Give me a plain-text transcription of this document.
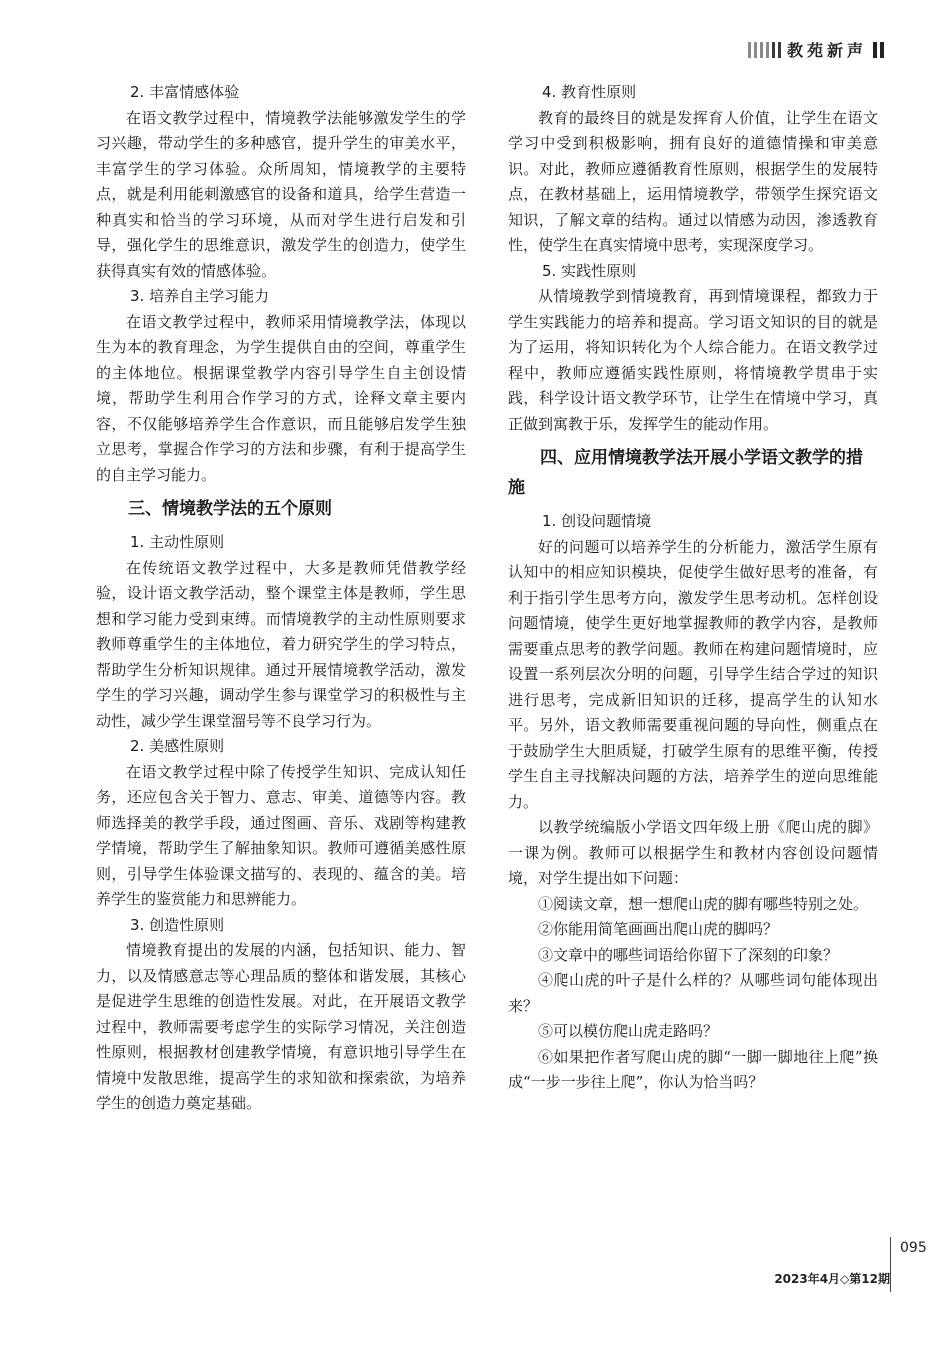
教苑新声
2. 丰富情感体验

在语文教学过程中，情境教学法能够激发学生的学习兴趣，带动学生的多种感官，提升学生的审美水平，丰富学生的学习体验。众所周知，情境教学的主要特点，就是利用能刺激感官的设备和道具，给学生营造一种真实和恰当的学习环境，从而对学生进行启发和引导，强化学生的思维意识，激发学生的创造力，使学生获得真实有效的情感体验。

3. 培养自主学习能力

在语文教学过程中，教师采用情境教学法，体现以生为本的教育理念，为学生提供自由的空间，尊重学生的主体地位。根据课堂教学内容引导学生自主创设情境，帮助学生利用合作学习的方式，诠释文章主要内容，不仅能够培养学生合作意识，而且能够启发学生独立思考，掌握合作学习的方法和步骤，有利于提高学生的自主学习能力。

三、情境教学法的五个原则
1. 主动性原则

在传统语文教学过程中，大多是教师凭借教学经验，设计语文教学活动，整个课堂主体是教师，学生思想和学习能力受到束缚。而情境教学的主动性原则要求教师尊重学生的主体地位，着力研究学生的学习特点，帮助学生分析知识规律。通过开展情境教学活动，激发学生的学习兴趣，调动学生参与课堂学习的积极性与主动性，减少学生课堂溜号等不良学习行为。

2. 美感性原则

在语文教学过程中除了传授学生知识、完成认知任务，还应包含关于智力、意志、审美、道德等内容。教师选择美的教学手段，通过图画、音乐、戏剧等构建教学情境，帮助学生了解抽象知识。教师可遵循美感性原则，引导学生体验课文描写的、表现的、蕴含的美。培养学生的鉴赏能力和思辨能力。

3. 创造性原则

情境教育提出的发展的内涵，包括知识、能力、智力，以及情感意志等心理品质的整体和谐发展，其核心是促进学生思维的创造性发展。对此，在开展语文教学过程中，教师需要考虑学生的实际学习情况，关注创造性原则，根据教材创建教学情境，有意识地引导学生在情境中发散思维，提高学生的求知欲和探索欲，为培养学生的创造力奠定基础。

4. 教育性原则

教育的最终目的就是发挥育人价值，让学生在语文学习中受到积极影响，拥有良好的道德情操和审美意识。对此，教师应遵循教育性原则，根据学生的发展特点，在教材基础上，运用情境教学，带领学生探究语文知识，了解文章的结构。通过以情感为动因，渗透教育性，使学生在真实情境中思考，实现深度学习。

5. 实践性原则

从情境教学到情境教育，再到情境课程，都致力于学生实践能力的培养和提高。学习语文知识的目的就是为了运用，将知识转化为个人综合能力。在语文教学过程中，教师应遵循实践性原则，将情境教学贯串于实践，科学设计语文教学环节，让学生在情境中学习，真正做到寓教于乐，发挥学生的能动作用。

四、应用情境教学法开展小学语文教学的措施
1. 创设问题情境

好的问题可以培养学生的分析能力，激活学生原有认知中的相应知识模块，促使学生做好思考的准备，有利于指引学生思考方向，激发学生思考动机。怎样创设问题情境，使学生更好地掌握教师的教学内容，是教师需要重点思考的教学问题。教师在构建问题情境时，应设置一系列层次分明的问题，引导学生结合学过的知识进行思考，完成新旧知识的迁移，提高学生的认知水平。另外，语文教师需要重视问题的导向性，侧重点在于鼓励学生大胆质疑，打破学生原有的思维平衡，传授学生自主寻找解决问题的方法，培养学生的逆向思维能力。

以教学统编版小学语文四年级上册《爬山虎的脚》一课为例。教师可以根据学生和教材内容创设问题情境，对学生提出如下问题：

①阅读文章，想一想爬山虎的脚有哪些特别之处。

②你能用简笔画画出爬山虎的脚吗？

③文章中的哪些词语给你留下了深刻的印象？

④爬山虎的叶子是什么样的？从哪些词句能体现出来？

⑤可以模仿爬山虎走路吗？

⑥如果把作者写爬山虎的脚“一脚一脚地往上爬”换成“一步一步往上爬”，你认为恰当吗？

095
2023年4月◇第12期
